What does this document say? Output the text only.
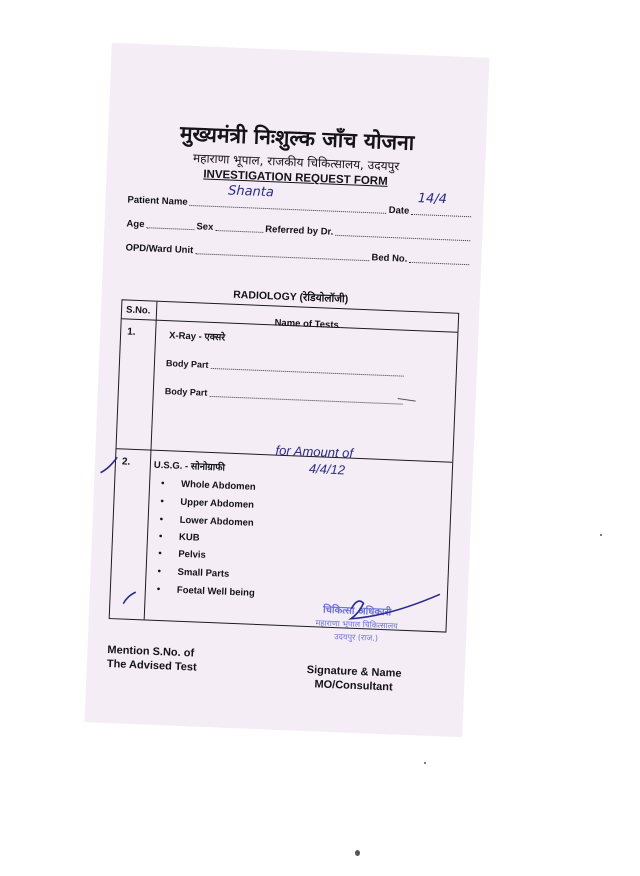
मुख्यमंत्री निःशुल्क जाँच योजना
महाराणा भूपाल, राजकीय चिकित्सालय, उदयपुर
INVESTIGATION REQUEST FORM
Patient Name
Shanta
Date
14/4
Age	Sex	Referred by Dr.
OPD/Ward Unit
Bed No.
RADIOLOGY (रेडियोलॉजी)
S.No.
Name of Tests
1.	X-Ray - एक्सरे
Body Part
Body Part
2. U.S.G. - सोनोग्राफी
• Whole Abdomen
• Upper Abdomen
• Lower Abdomen
• KUB
• Pelvis
• Small Parts
• Foetal Well being
for Amount of
4/4/12
चिकित्सा अधिकारी
महाराणा भूपाल चिकित्सालय
उदयपुर (राज.)
Mention S.No. of
The Advised Test	Signature & Name
MO/Consultant
